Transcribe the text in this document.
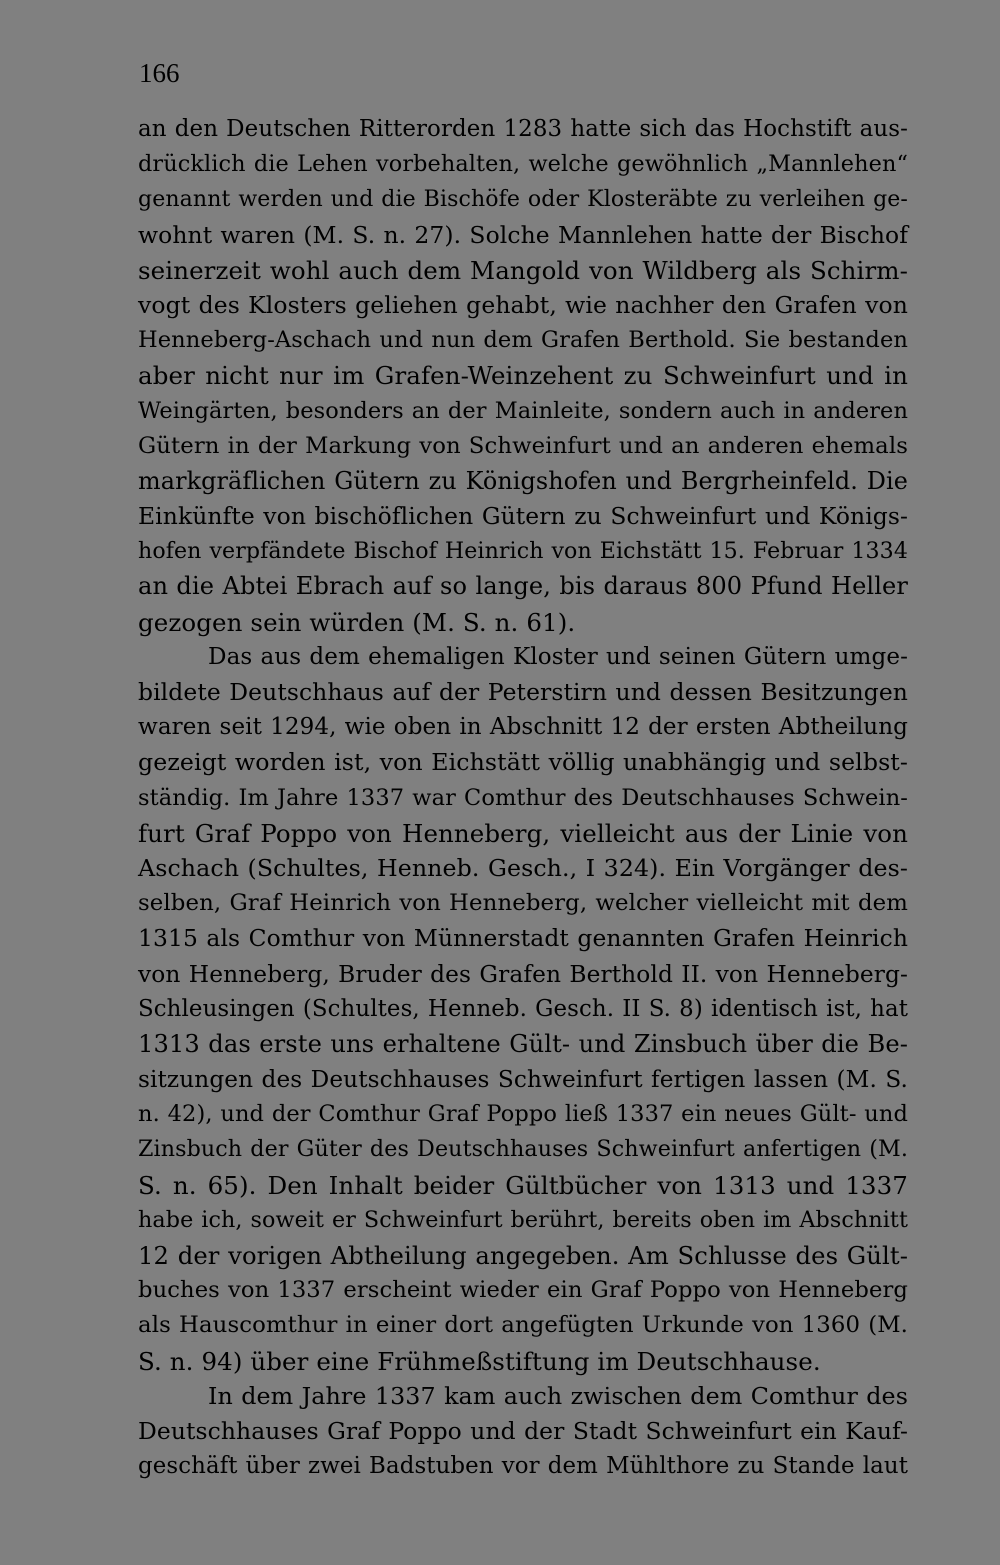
166
an den Deutschen Ritterorden 1283 hatte sich das Hochstift aus-
drücklich die Lehen vorbehalten, welche gewöhnlich „Mannlehen“
genannt werden und die Bischöfe oder Klosteräbte zu verleihen ge-
wohnt waren (M. S. n. 27). Solche Mannlehen hatte der Bischof
seinerzeit wohl auch dem Mangold von Wildberg als Schirm-
vogt des Klosters geliehen gehabt, wie nachher den Grafen von
Henneberg-Aschach und nun dem Grafen Berthold. Sie bestanden
aber nicht nur im Grafen-Weinzehent zu Schweinfurt und in
Weingärten, besonders an der Mainleite, sondern auch in anderen
Gütern in der Markung von Schweinfurt und an anderen ehemals
markgräflichen Gütern zu Königshofen und Bergrheinfeld. Die
Einkünfte von bischöflichen Gütern zu Schweinfurt und Königs-
hofen verpfändete Bischof Heinrich von Eichstätt 15. Februar 1334
an die Abtei Ebrach auf so lange, bis daraus 800 Pfund Heller
gezogen sein würden (M. S. n. 61).
Das aus dem ehemaligen Kloster und seinen Gütern umge-
bildete Deutschhaus auf der Peterstirn und dessen Besitzungen
waren seit 1294, wie oben in Abschnitt 12 der ersten Abtheilung
gezeigt worden ist, von Eichstätt völlig unabhängig und selbst-
ständig. Im Jahre 1337 war Comthur des Deutschhauses Schwein-
furt Graf Poppo von Henneberg, vielleicht aus der Linie von
Aschach (Schultes, Henneb. Gesch., I 324). Ein Vorgänger des-
selben, Graf Heinrich von Henneberg, welcher vielleicht mit dem
1315 als Comthur von Münnerstadt genannten Grafen Heinrich
von Henneberg, Bruder des Grafen Berthold II. von Henneberg-
Schleusingen (Schultes, Henneb. Gesch. II S. 8) identisch ist, hat
1313 das erste uns erhaltene Gült- und Zinsbuch über die Be-
sitzungen des Deutschhauses Schweinfurt fertigen lassen (M. S.
n. 42), und der Comthur Graf Poppo ließ 1337 ein neues Gült- und
Zinsbuch der Güter des Deutschhauses Schweinfurt anfertigen (M.
S. n. 65). Den Inhalt beider Gültbücher von 1313 und 1337
habe ich, soweit er Schweinfurt berührt, bereits oben im Abschnitt
12 der vorigen Abtheilung angegeben. Am Schlusse des Gült-
buches von 1337 erscheint wieder ein Graf Poppo von Henneberg
als Hauscomthur in einer dort angefügten Urkunde von 1360 (M.
S. n. 94) über eine Frühmeßstiftung im Deutschhause.
In dem Jahre 1337 kam auch zwischen dem Comthur des
Deutschhauses Graf Poppo und der Stadt Schweinfurt ein Kauf-
geschäft über zwei Badstuben vor dem Mühlthore zu Stande laut
